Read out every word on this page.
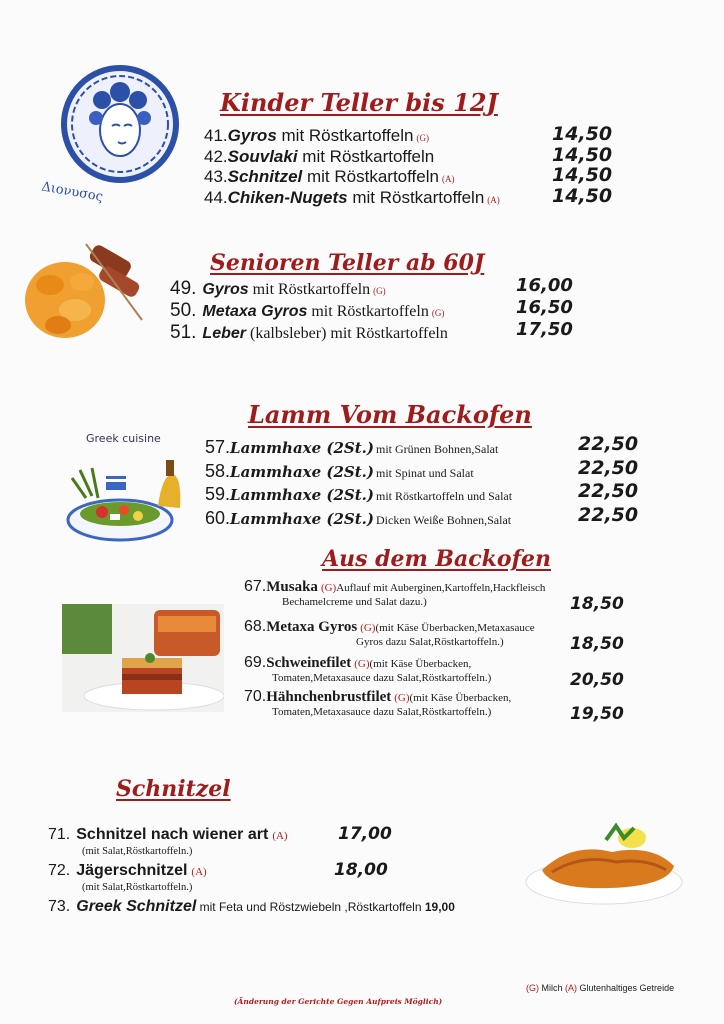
Διονυσος
Kinder Teller bis 12J
41.Gyros mit Röstkartoffeln (G)	14,50
42.Souvlaki mit Röstkartoffeln	14,50
43.Schnitzel mit Röstkartoffeln (A)	14,50
44.Chiken-Nugets mit Röstkartoffeln (A)	14,50
Senioren Teller ab 60J
49. Gyros mit Röstkartoffeln (G)	16,00
50. Metaxa Gyros mit Röstkartoffeln (G)	16,50
51. Leber (kalbsleber) mit Röstkartoffeln	17,50
Lamm Vom Backofen
Greek cuisine 57.Lammhaxe (2St.) mit Grünen Bohnen,Salat	22,50
58.Lammhaxe (2St.) mit Spinat und Salat	22,50
59.Lammhaxe (2St.) mit Röstkartoffeln und Salat	22,50
60.Lammhaxe (2St.) Dicken Weiße Bohnen,Salat	22,50
Aus dem Backofen
67.Musaka (G)Auflauf mit Auberginen,Kartoffeln,Hackfleisch
Bechamelcreme und Salat dazu.)	18,50
68.Metaxa Gyros (G)(mit Käse Überbacken,Metaxasauce
Gyros dazu Salat,Röstkartoffeln.)	18,50
69.Schweinefilet (G)(mit Käse Überbacken,
Tomaten,Metaxasauce dazu Salat,Röstkartoffeln.)	20,50
70.Hähnchenbrustfilet (G)(mit Käse Überbacken,
Tomaten,Metaxasauce dazu Salat,Röstkartoffeln.)	19,50
Schnitzel
71. Schnitzel nach wiener art (A)	17,00
(mit Salat,Röstkartoffeln.)
72. Jägerschnitzel (A)	18,00
(mit Salat,Röstkartoffeln.)
73. Greek Schnitzel mit Feta und Röstzwiebeln ,Röstkartoffeln 19,00
(G) Milch (A) Glutenhaltiges Getreide
(Änderung der Gerichte Gegen Aufpreis Möglich)
